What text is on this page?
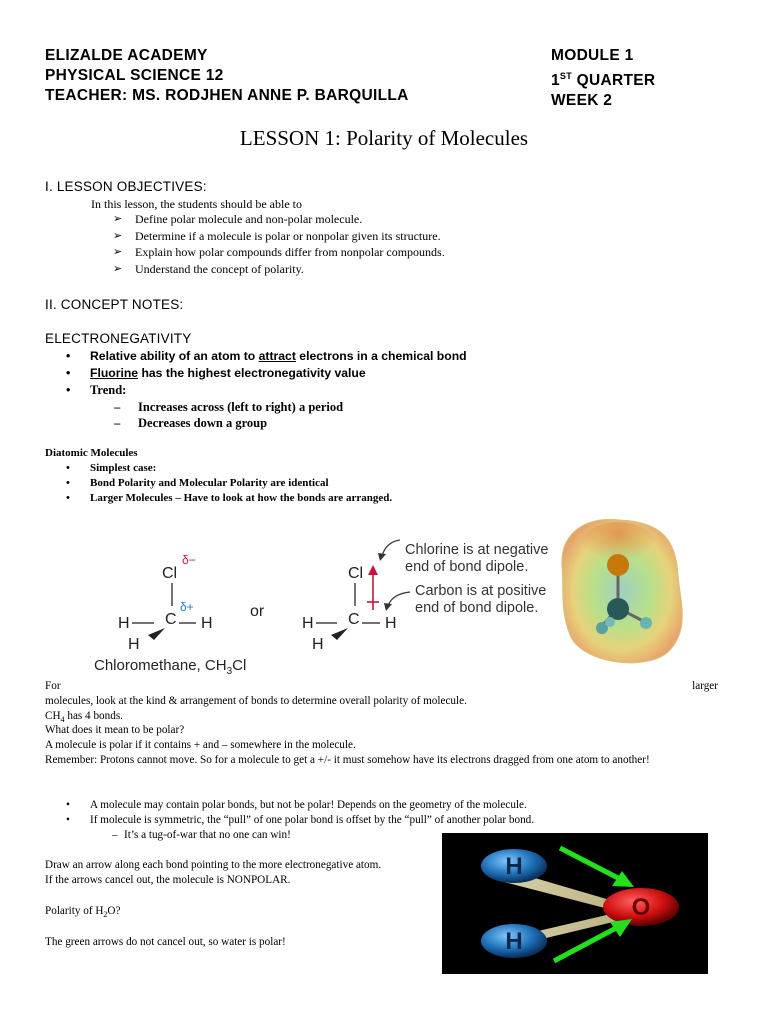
ELIZALDE ACADEMY
PHYSICAL SCIENCE 12
TEACHER: MS. RODJHEN ANNE P. BARQUILLA
MODULE 1
1ST QUARTER
WEEK 2
LESSON 1: Polarity of Molecules
I. LESSON OBJECTIVES:
In this lesson, the students should be able to
➢ Define polar molecule and non-polar molecule.
➢ Determine if a molecule is polar or nonpolar given its structure.
➢ Explain how polar compounds differ from nonpolar compounds.
➢ Understand the concept of polarity.
II. CONCEPT NOTES:
ELECTRONEGATIVITY
• Relative ability of an atom to attract electrons in a chemical bond
• Fluorine has the highest electronegativity value
• Trend:
– Increases across (left to right) a period
– Decreases down a group
Diatomic Molecules
• Simplest case:
• Bond Polarity and Molecular Polarity are identical
• Larger Molecules – Have to look at how the bonds are arranged.
Cl
δ−
C
δ+
H	H
H
or
Chloromethane, $CH_3Cl$
Cl
C
H	H
H
Chlorine is at negative end of bond dipole.
Carbon is at positive end of bond dipole.
For	larger
molecules, look at the kind & arrangement of bonds to determine overall polarity of molecule.
$CH_4$ has 4 bonds.
What does it mean to be polar?
A molecule is polar if it contains + and – somewhere in the molecule.
Remember: Protons cannot move. So for a molecule to get a +/- it must somehow have its electrons dragged from one atom to another!
• A molecule may contain polar bonds, but not be polar! Depends on the geometry of the molecule.
• If molecule is symmetric, the “pull” of one polar bond is offset by the “pull” of another polar bond.
– It’s a tug-of-war that no one can win!
Draw an arrow along each bond pointing to the more electronegative atom.
If the arrows cancel out, the molecule is NONPOLAR.
Polarity of $H_2O$?
The green arrows do not cancel out, so water is polar!
H
H
O
